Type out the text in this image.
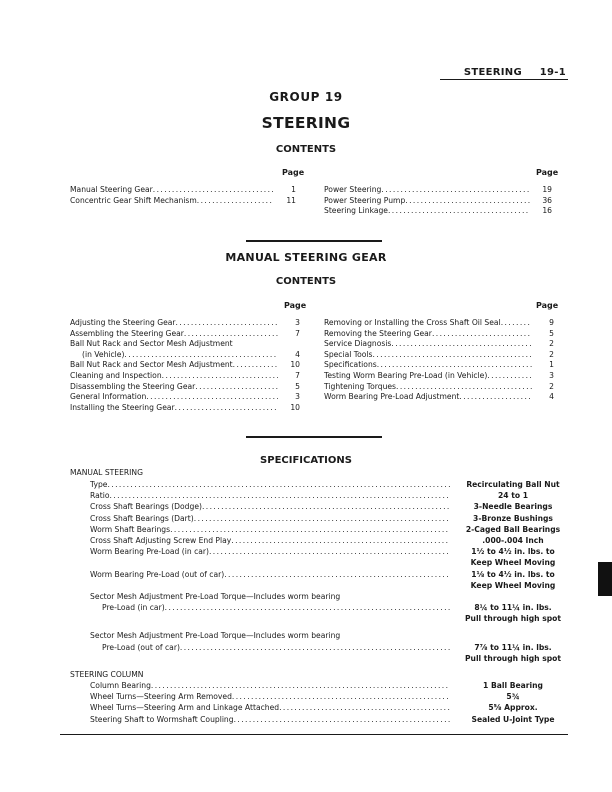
STEERING 19-1
GROUP 19
STEERING
CONTENTS
Page	Page
Manual Steering Gear . . .	1
Concentric Gear Shift Mechanism . . .	11
Power Steering . . .	19
Power Steering Pump . . .	36
Steering Linkage . . .	16
MANUAL STEERING GEAR
CONTENTS
Page	Page
Adjusting the Steering Gear . . .	3
Assembling the Steering Gear . . .	7
Ball Nut Rack and Sector Mesh Adjustment
(in Vehicle) . . .	4
Ball Nut Rack and Sector Mesh Adjustment . . .	10
Cleaning and Inspection . . .	7
Disassembling the Steering Gear . . .	5
General Information . . .	3
Installing the Steering Gear . . .	10
Removing or Installing the Cross Shaft Oil Seal . . .	9
Removing the Steering Gear . . .	5
Service Diagnosis . . .	2
Special Tools . . .	2
Specifications . . .	1
Testing Worm Bearing Pre-Load (in Vehicle) . . .	3
Tightening Torques . . .	2
Worm Bearing Pre-Load Adjustment . . .	4
SPECIFICATIONS
MANUAL STEERING
Type . . .	Recirculating Ball Nut
Ratio . . .	24 to 1
Cross Shaft Bearings (Dodge) . . .	3-Needle Bearings
Cross Shaft Bearings (Dart) . . .	3-Bronze Bushings
Worm Shaft Bearings . . .	2-Caged Ball Bearings
Cross Shaft Adjusting Screw End Play . . .	.000-.004 Inch
Worm Bearing Pre-Load (in car) . . .	1½ to 4½ in. lbs. to
Keep Wheel Moving
Worm Bearing Pre-Load (out of car) . . .	1⅛ to 4½ in. lbs. to
Keep Wheel Moving
Sector Mesh Adjustment Pre-Load Torque—Includes worm bearing
Pre-Load (in car) . . .	8¼ to 11¼ in. lbs.
Pull through high spot
Sector Mesh Adjustment Pre-Load Torque—Includes worm bearing
Pre-Load (out of car) . . .	7⅞ to 11¼ in. lbs.
Pull through high spot
STEERING COLUMN
Column Bearing . . .	1 Ball Bearing
Wheel Turns—Steering Arm Removed . . .	5¾
Wheel Turns—Steering Arm and Linkage Attached . . .	5⅝ Approx.
Steering Shaft to Wormshaft Coupling . . .	Sealed U-Joint Type
